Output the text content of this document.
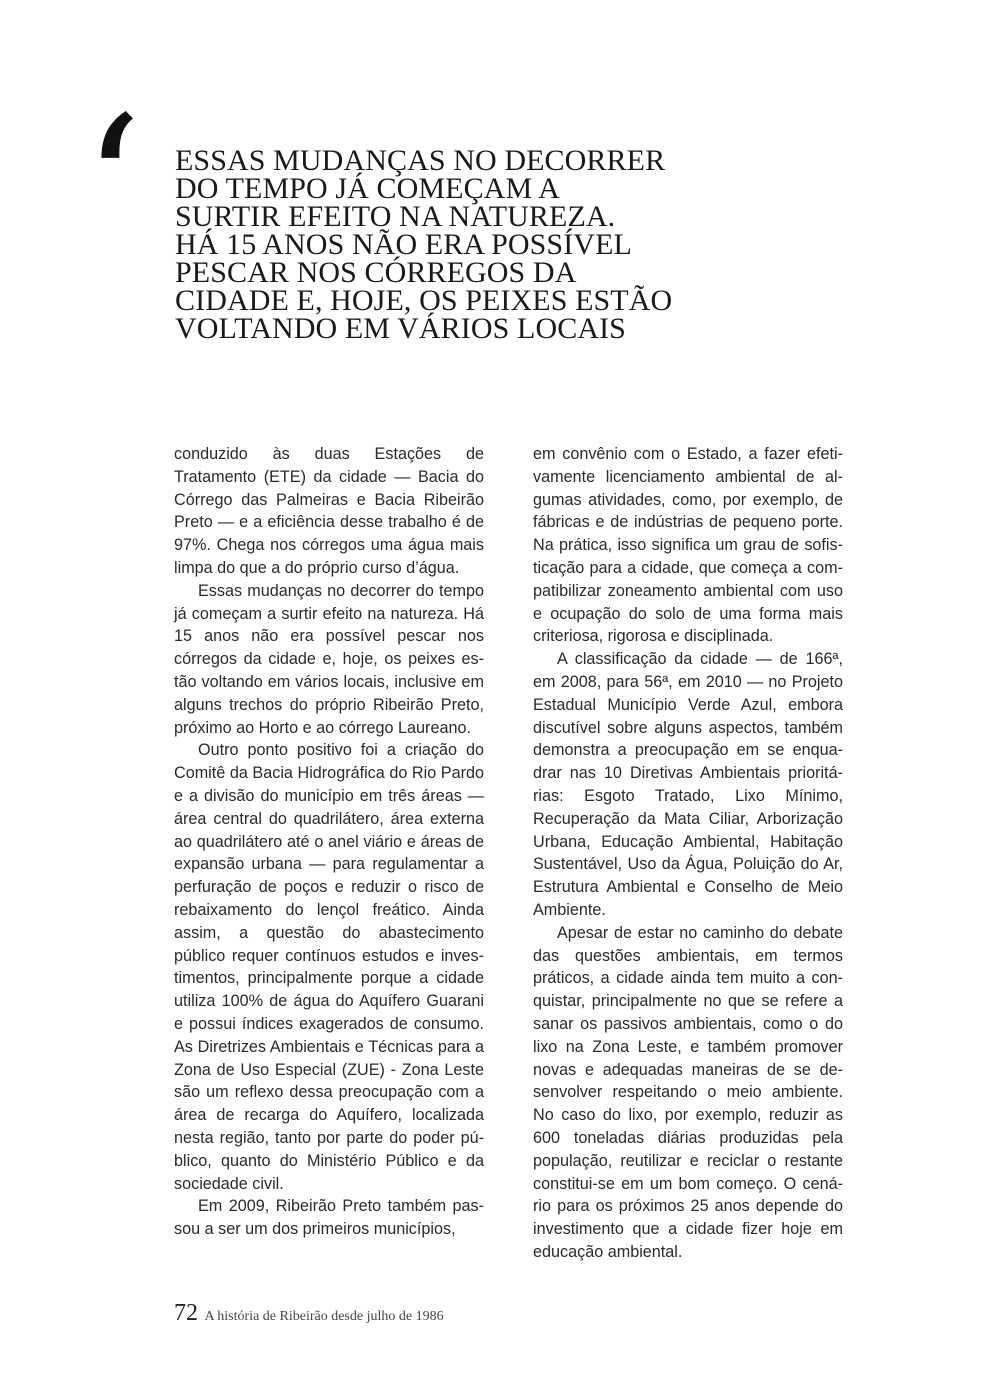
‘ ESSAS MUDANÇAS NO DECORRER
DO TEMPO JÁ COMEÇAM A
SURTIR EFEITO NA NATUREZA.
HÁ 15 ANOS NÃO ERA POSSÍVEL
PESCAR NOS CÓRREGOS DA
CIDADE E, HOJE, OS PEIXES ESTÃO
VOLTANDO EM VÁRIOS LOCAIS

conduzido às duas Estações de Tratamento (ETE) da cidade — Bacia do Córrego das Palmeiras e Bacia Ribeirão Preto — e a eficiência desse trabalho é de 97%. Chega nos córregos uma água mais limpa do que a do próprio curso d’água.

Essas mudanças no decorrer do tempo já começam a surtir efeito na natureza. Há 15 anos não era possível pescar nos córregos da cidade e, hoje, os peixes estão voltando em vários locais, inclusive em alguns trechos do próprio Ribeirão Preto, próximo ao Horto e ao córrego Laureano.

Outro ponto positivo foi a criação do Comitê da Bacia Hidrográfica do Rio Pardo e a divisão do município em três áreas — área central do quadrilátero, área externa ao quadrilátero até o anel viário e áreas de expansão urbana — para regulamentar a perfuração de poços e reduzir o risco de rebaixamento do lençol freático. Ainda assim, a questão do abastecimento público requer contínuos estudos e investimentos, principalmente porque a cidade utiliza 100% de água do Aquífero Guarani e possui índices exagerados de consumo. As Diretrizes Ambientais e Técnicas para a Zona de Uso Especial (ZUE) - Zona Leste são um reflexo dessa preocupação com a área de recarga do Aquífero, localizada nesta região, tanto por parte do poder público, quanto do Ministério Público e da sociedade civil.

Em 2009, Ribeirão Preto também passou a ser um dos primeiros municípios,

em convênio com o Estado, a fazer efetivamente licenciamento ambiental de algumas atividades, como, por exemplo, de fábricas e de indústrias de pequeno porte. Na prática, isso significa um grau de sofisticação para a cidade, que começa a compatibilizar zoneamento ambiental com uso e ocupação do solo de uma forma mais criteriosa, rigorosa e disciplinada.

A classificação da cidade — de 166ª, em 2008, para 56ª, em 2010 — no Projeto Estadual Município Verde Azul, embora discutível sobre alguns aspectos, também demonstra a preocupação em se enquadrar nas 10 Diretivas Ambientais prioritárias: Esgoto Tratado, Lixo Mínimo, Recuperação da Mata Ciliar, Arborização Urbana, Educação Ambiental, Habitação Sustentável, Uso da Água, Poluição do Ar, Estrutura Ambiental e Conselho de Meio Ambiente.

Apesar de estar no caminho do debate das questões ambientais, em termos práticos, a cidade ainda tem muito a conquistar, principalmente no que se refere a sanar os passivos ambientais, como o do lixo na Zona Leste, e também promover novas e adequadas maneiras de se desenvolver respeitando o meio ambiente. No caso do lixo, por exemplo, reduzir as 600 toneladas diárias produzidas pela população, reutilizar e reciclar o restante constitui-se em um bom começo. O cenário para os próximos 25 anos depende do investimento que a cidade fizer hoje em educação ambiental.

72 A história de Ribeirão desde julho de 1986
